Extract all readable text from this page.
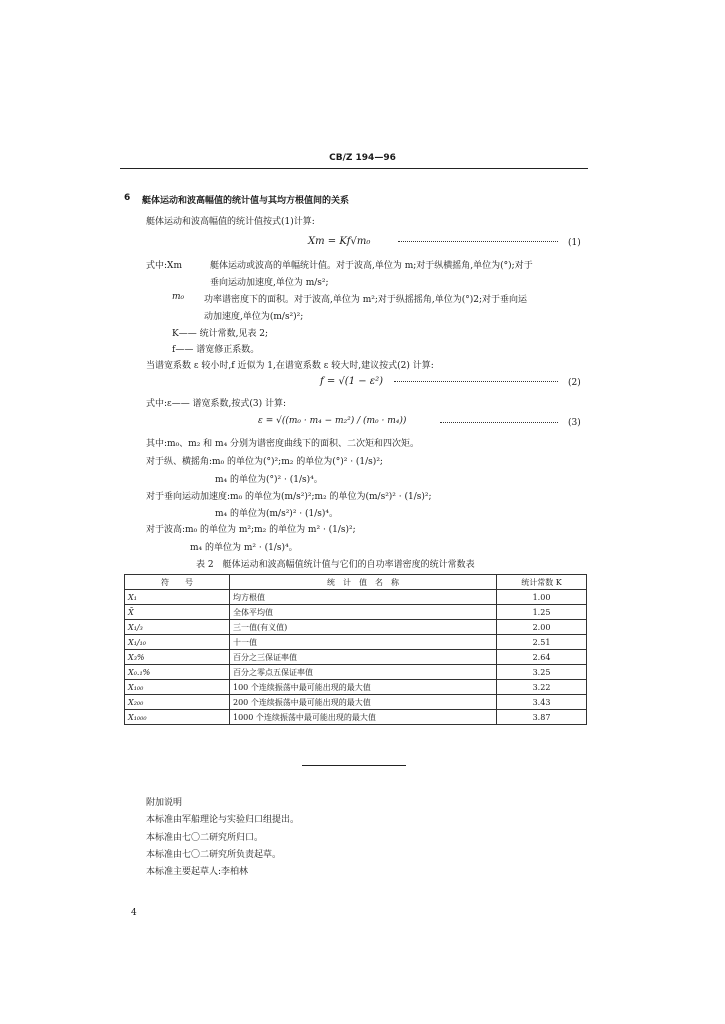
CB/Z 194—96
6 艇体运动和波高幅值的统计值与其均方根值间的关系
艇体运动和波高幅值的统计值按式(1)计算:
Xm = Kf√m₀	(1)
式中:Xm	艇体运动或波高的单幅统计值。对于波高,单位为 m;对于纵横摇角,单位为(°);对于
垂向运动加速度,单位为 m/s²;
m₀ 功率谱密度下的面积。对于波高,单位为 m²;对于纵摇摇角,单位为(°)2;对于垂向运
动加速度,单位为(m/s²)²;
K—— 统计常数,见表 2;
f—— 谱宽修正系数。
当谱宽系数 ε 较小时,f 近似为 1,在谱宽系数 ε 较大时,建议按式(2) 计算:
f = √(1 − ε²)	(2)
式中:ε—— 谱宽系数,按式(3) 计算:
ε = √((m₀ · m₄ − m₂²) / (m₀ · m₄))	(3)
其中:m₀、m₂ 和 m₄ 分别为谱密度曲线下的面积、二次矩和四次矩。
对于纵、横摇角:m₀ 的单位为(°)²;m₂ 的单位为(°)² · (1/s)²;
m₄ 的单位为(°)² · (1/s)⁴。
对于垂向运动加速度:m₀ 的单位为(m/s²)²;m₂ 的单位为(m/s²)² · (1/s)²;
m₄ 的单位为(m/s²)² · (1/s)⁴。
对于波高:m₀ 的单位为 m²;m₂ 的单位为 m² · (1/s)²;
m₄ 的单位为 m² · (1/s)⁴。
表 2　艇体运动和波高幅值统计值与它们的自功率谱密度的统计常数表
符　　号	统　计　值　名　称	统计常数 K
X₁	均方根值	1.00
X̄	全体平均值	1.25
X₁/₃	三一值(有义值)	2.00
X₁/₁₀	十一值	2.51
X₃%	百分之三保证率值	2.64
X₀.₁%	百分之零点五保证率值	3.25
X₁₀₀	100 个连续振荡中最可能出现的最大值	3.22
X₂₀₀	200 个连续振荡中最可能出现的最大值	3.43
X₁₀₀₀	1000 个连续振荡中最可能出现的最大值	3.87
附加说明
本标准由军船理论与实验归口组提出。
本标准由七〇二研究所归口。
本标准由七〇二研究所负责起草。
本标准主要起草人:李柏林
4
